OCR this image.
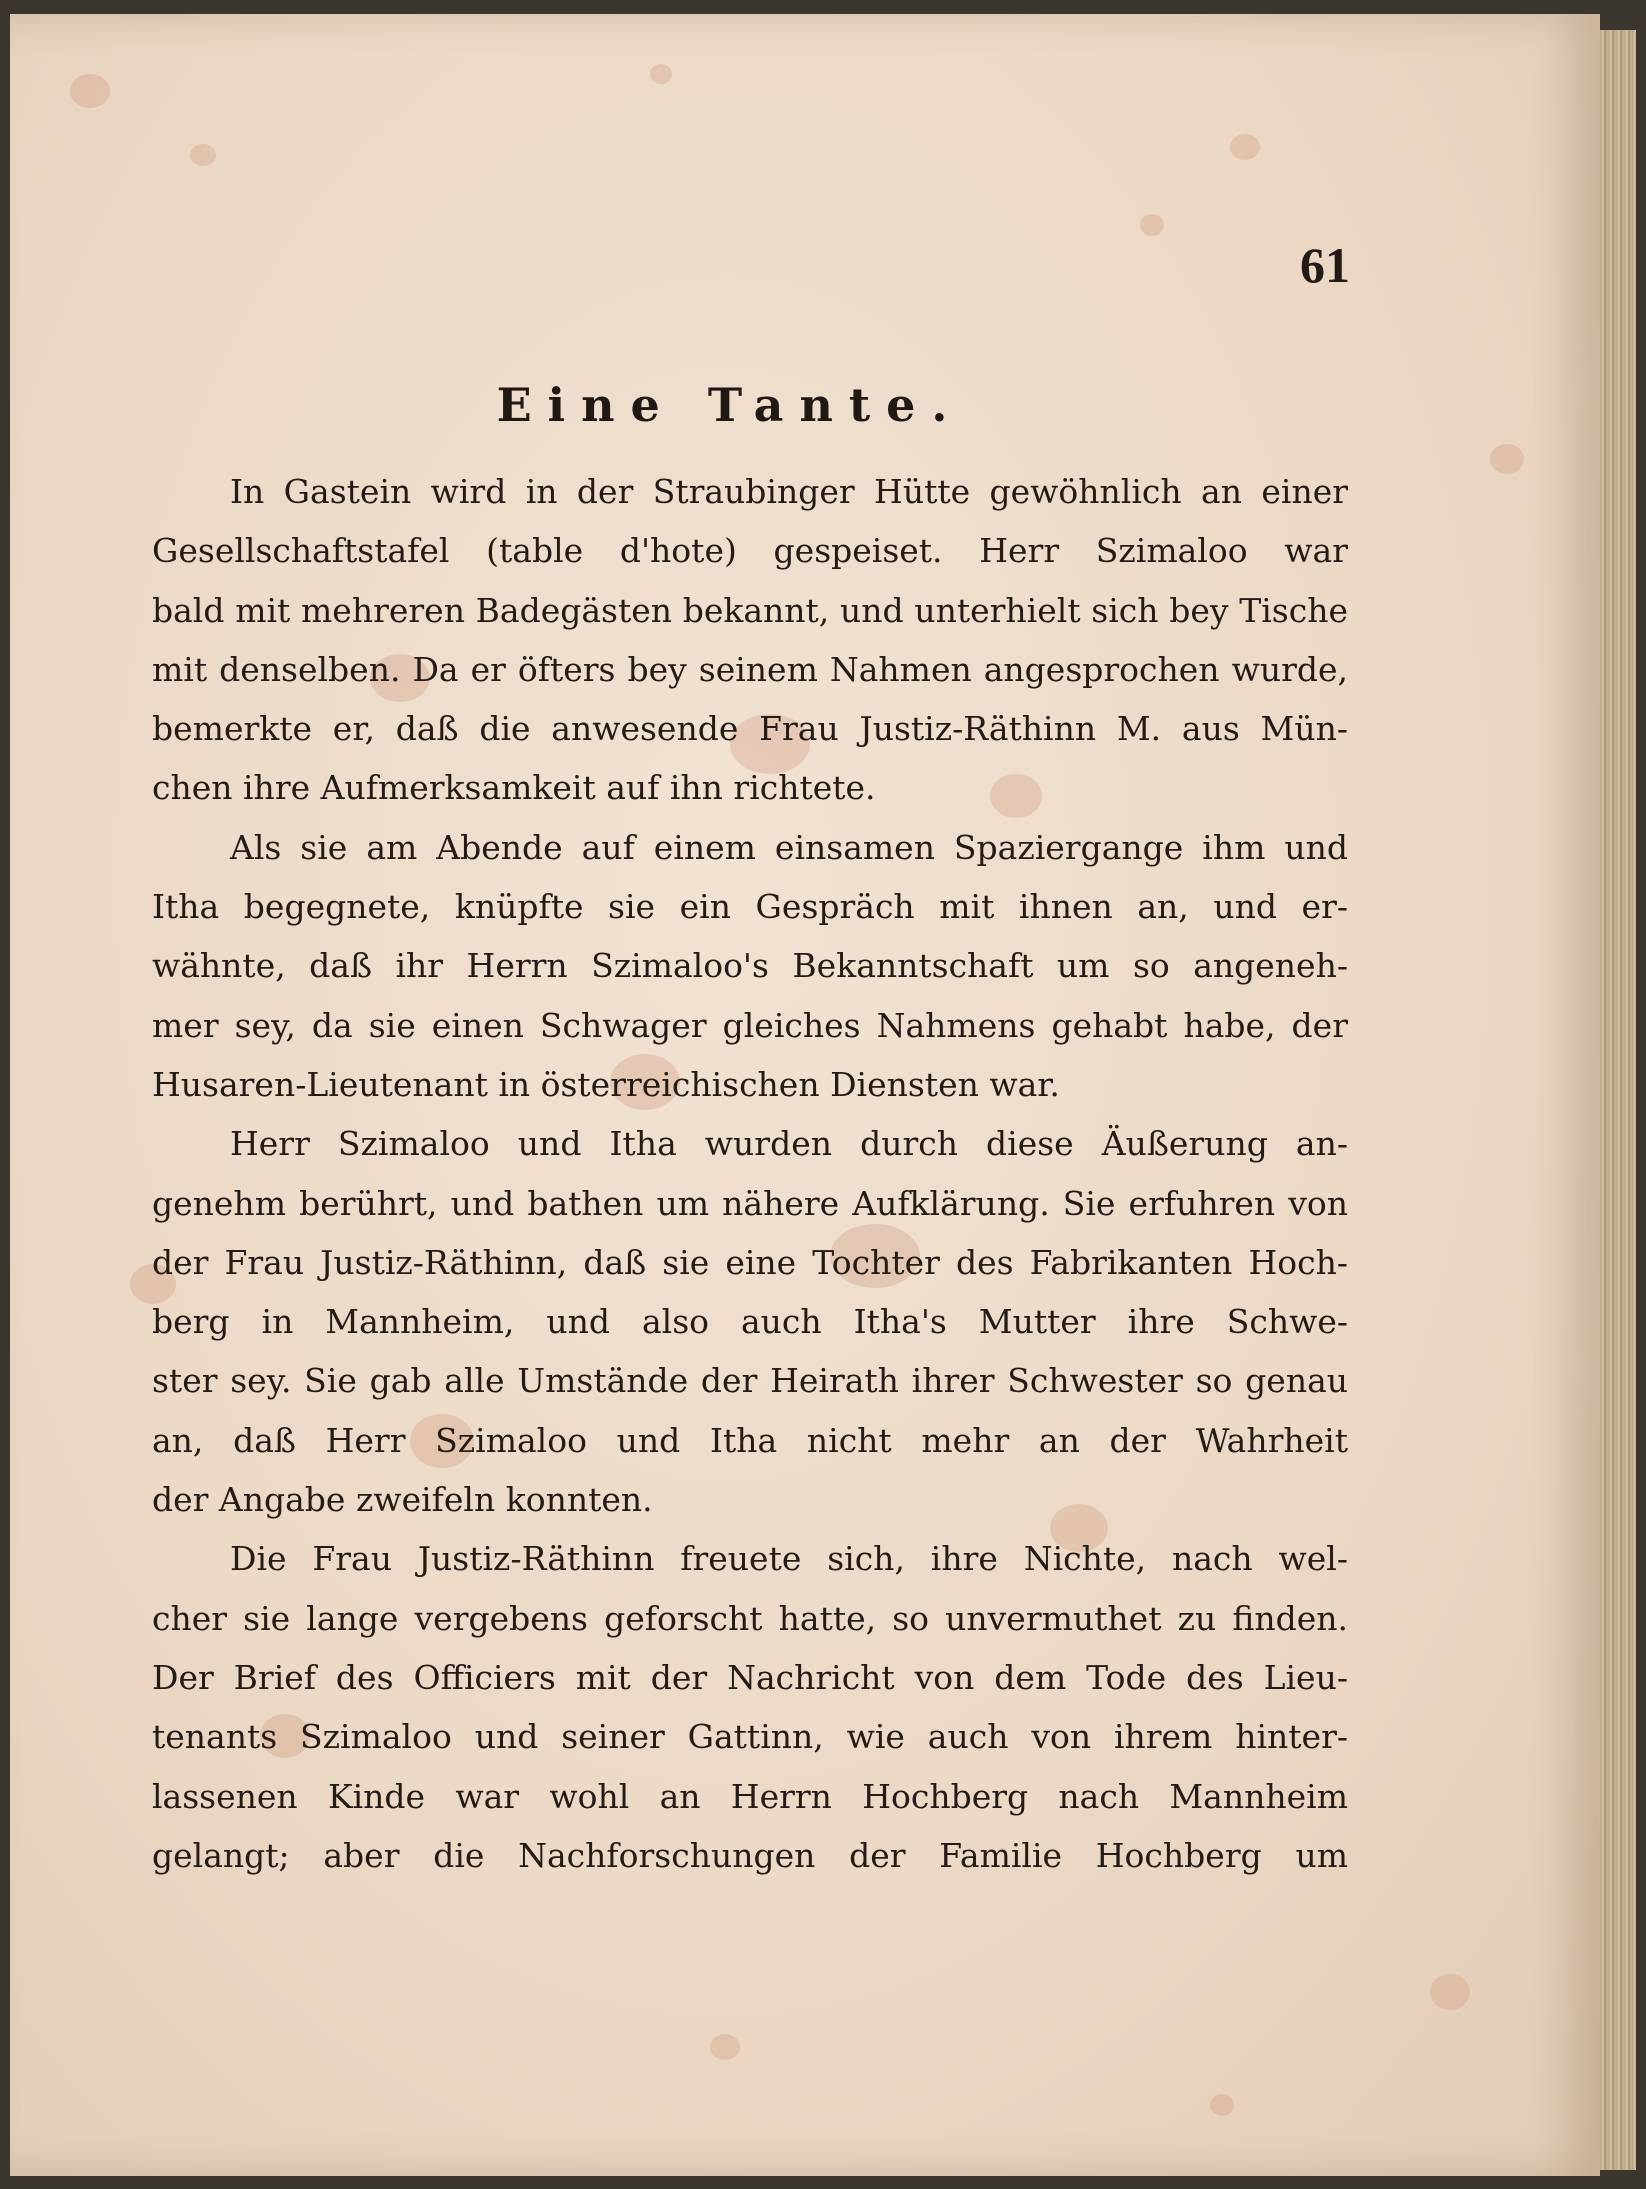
61
Eine Tante.
In Gastein wird in der Straubinger Hütte gewöhnlich an einer
Gesellschaftstafel (table d'hote) gespeiset. Herr Szimaloo war
bald mit mehreren Badegästen bekannt, und unterhielt sich bey Tische
mit denselben. Da er öfters bey seinem Nahmen angesprochen wurde,
bemerkte er, daß die anwesende Frau Justiz-Räthinn M. aus Mün-
chen ihre Aufmerksamkeit auf ihn richtete.
Als sie am Abende auf einem einsamen Spaziergange ihm und
Itha begegnete, knüpfte sie ein Gespräch mit ihnen an, und er-
wähnte, daß ihr Herrn Szimaloo's Bekanntschaft um so angeneh-
mer sey, da sie einen Schwager gleiches Nahmens gehabt habe, der
Husaren-Lieutenant in österreichischen Diensten war.
Herr Szimaloo und Itha wurden durch diese Äußerung an-
genehm berührt, und bathen um nähere Aufklärung. Sie erfuhren von
der Frau Justiz-Räthinn, daß sie eine Tochter des Fabrikanten Hoch-
berg in Mannheim, und also auch Itha's Mutter ihre Schwe-
ster sey. Sie gab alle Umstände der Heirath ihrer Schwester so genau
an, daß Herr Szimaloo und Itha nicht mehr an der Wahrheit
der Angabe zweifeln konnten.
Die Frau Justiz-Räthinn freuete sich, ihre Nichte, nach wel-
cher sie lange vergebens geforscht hatte, so unvermuthet zu finden.
Der Brief des Officiers mit der Nachricht von dem Tode des Lieu-
tenants Szimaloo und seiner Gattinn, wie auch von ihrem hinter-
lassenen Kinde war wohl an Herrn Hochberg nach Mannheim
gelangt; aber die Nachforschungen der Familie Hochberg um
